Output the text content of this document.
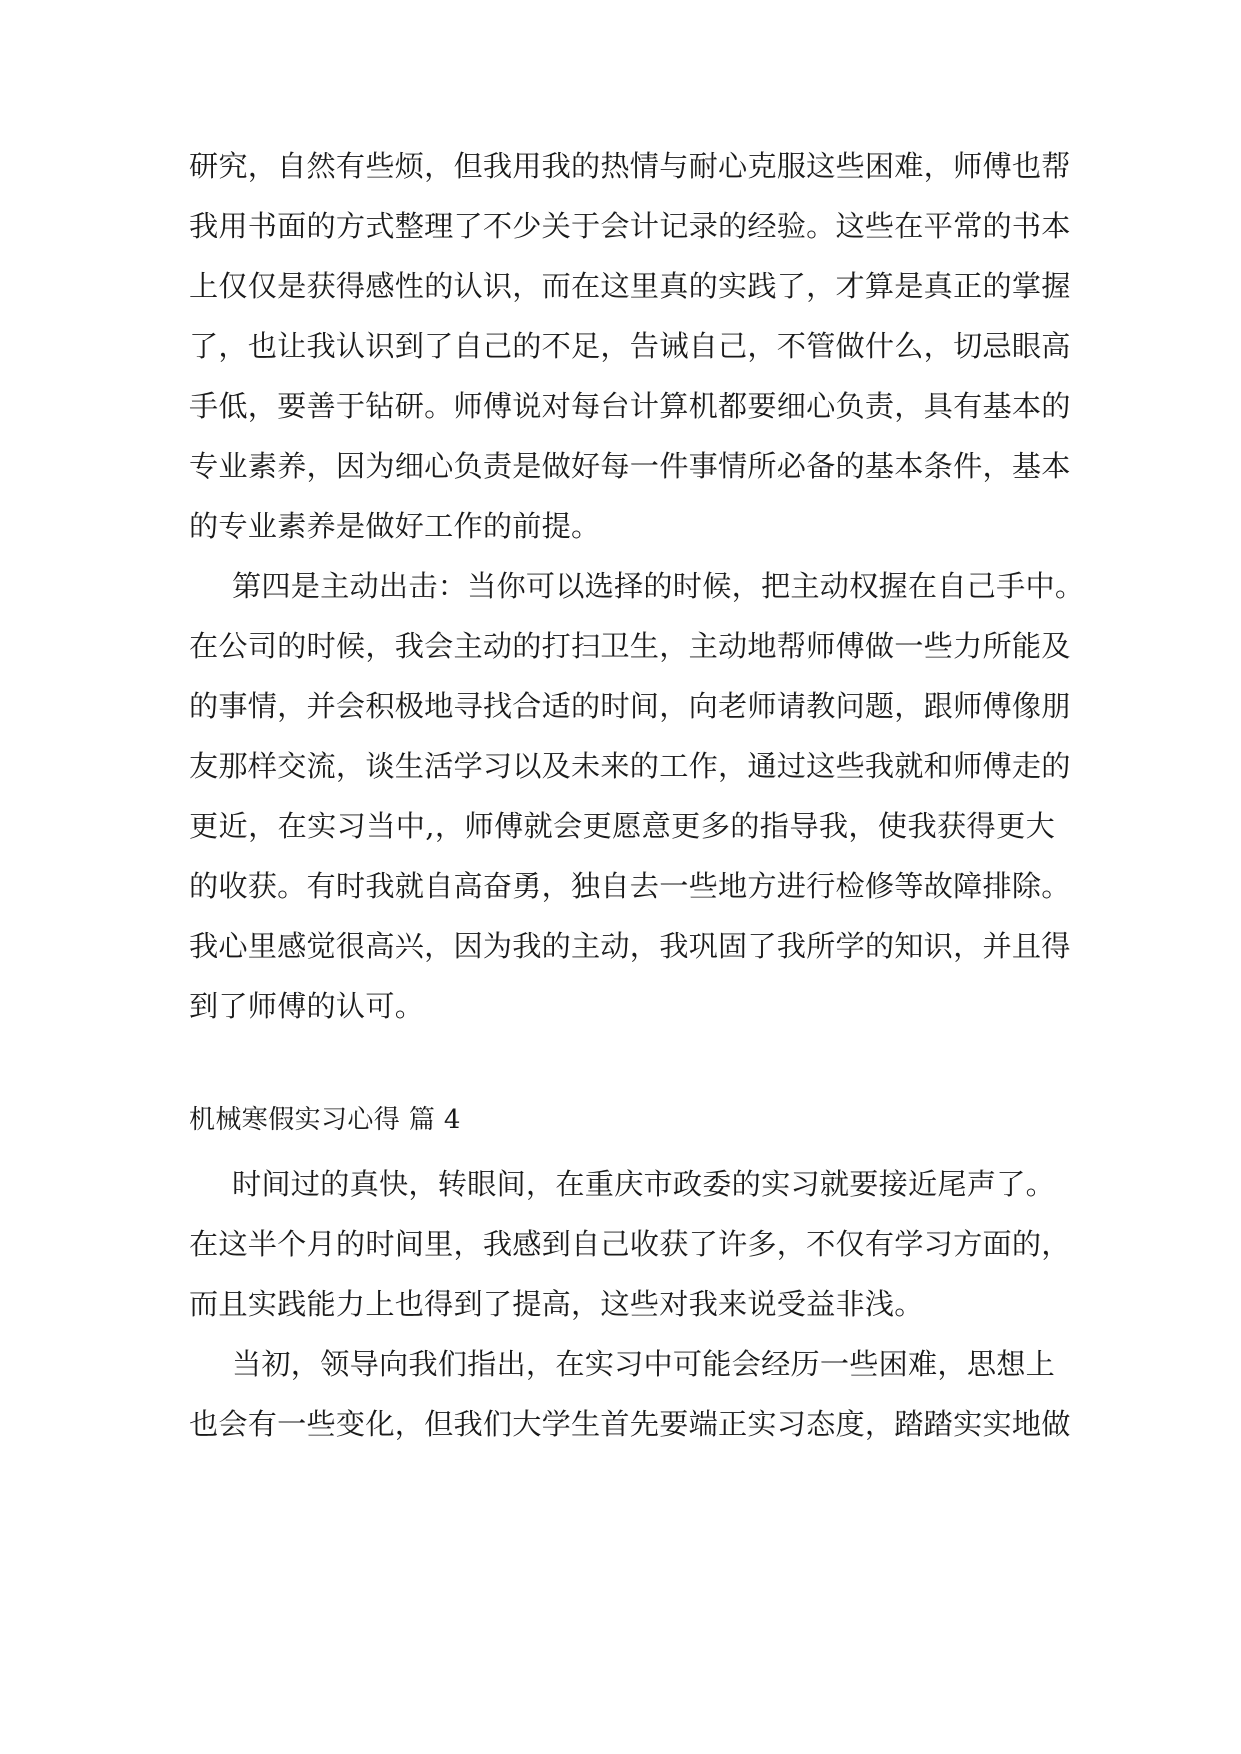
研究，自然有些烦，但我用我的热情与耐心克服这些困难，师傅也帮
我用书面的方式整理了不少关于会计记录的经验。这些在平常的书本
上仅仅是获得感性的认识，而在这里真的实践了，才算是真正的掌握
了，也让我认识到了自己的不足，告诫自己，不管做什么，切忌眼高
手低，要善于钻研。师傅说对每台计算机都要细心负责，具有基本的
专业素养，因为细心负责是做好每一件事情所必备的基本条件，基本
的专业素养是做好工作的前提。
第四是主动出击：当你可以选择的时候，把主动权握在自己手中。
在公司的时候，我会主动的打扫卫生，主动地帮师傅做一些力所能及
的事情，并会积极地寻找合适的时间，向老师请教问题，跟师傅像朋
友那样交流，谈生活学习以及未来的工作，通过这些我就和师傅走的
更近，在实习当中,，师傅就会更愿意更多的指导我，使我获得更大
的收获。有时我就自高奋勇，独自去一些地方进行检修等故障排除。
我心里感觉很高兴，因为我的主动，我巩固了我所学的知识，并且得
到了师傅的认可。
机械寒假实习心得 篇 4
时间过的真快，转眼间，在重庆市政委的实习就要接近尾声了。
在这半个月的时间里，我感到自己收获了许多，不仅有学习方面的，
而且实践能力上也得到了提高，这些对我来说受益非浅。
当初，领导向我们指出，在实习中可能会经历一些困难，思想上
也会有一些变化，但我们大学生首先要端正实习态度，踏踏实实地做
